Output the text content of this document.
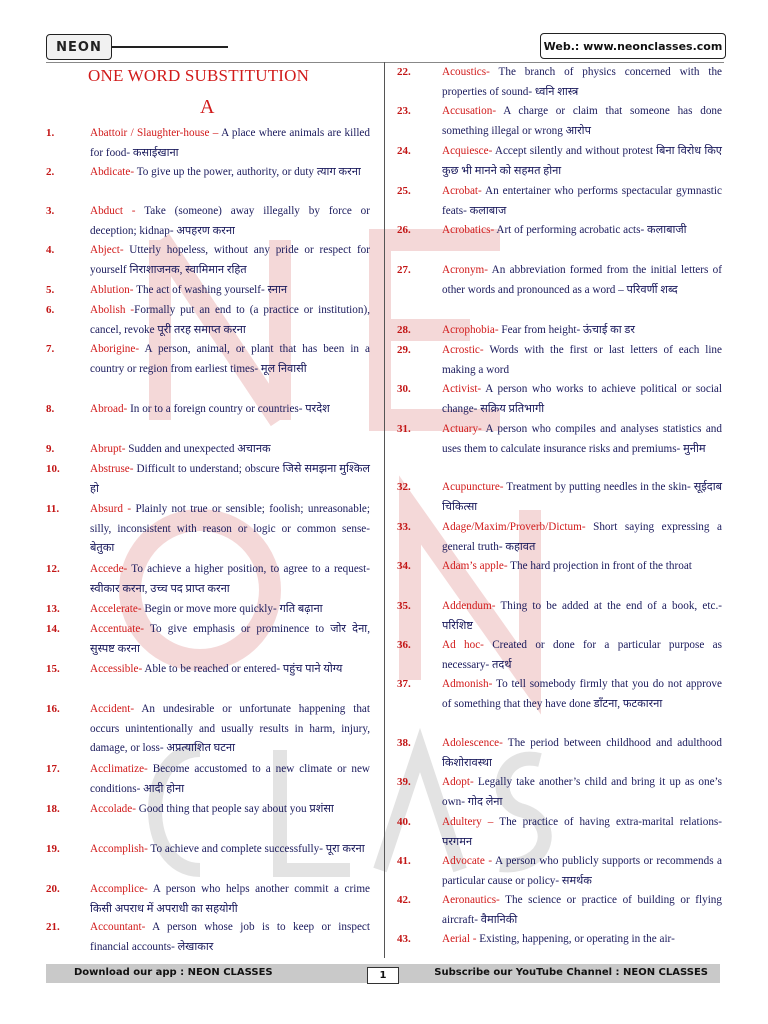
NEON	Web.: www.neonclasses.com
ONE WORD SUBSTITUTION
A
1.	Abattoir / Slaughter-house – A place where animals are killed for food- कसाईखाना
2.	Abdicate- To give up the power, authority, or duty त्याग करना
3.	Abduct - Take (someone) away illegally by force or deception; kidnap- अपहरण करना
4.	Abject- Utterly hopeless, without any pride or respect for yourself निराशाजनक, स्वामिमान रहित
5.	Ablution- The act of washing yourself- स्नान
6.	Abolish -Formally put an end to (a practice or institution), cancel, revoke पूरी तरह समाप्त करना
7.	Aborigine- A person, animal, or plant that has been in a country or region from earliest times- मूल निवासी
8.	Abroad- In or to a foreign country or countries- परदेश
9.	Abrupt- Sudden and unexpected अचानक
10.	Abstruse- Difficult to understand; obscure जिसे समझना मुश्किल हो
11.	Absurd - Plainly not true or sensible; foolish; unreasonable; silly, inconsistent with reason or logic or common sense- बेतुका
12.	Accede- To achieve a higher position, to agree to a request- स्वीकार करना, उच्च पद प्राप्त करना
13.	Accelerate- Begin or move more quickly- गति बढ़ाना
14.	Accentuate- To give emphasis or prominence to जोर देना, सुस्पष्ट करना
15.	Accessible- Able to be reached or entered- पहुंच पाने योग्य
16.	Accident- An undesirable or unfortunate happening that occurs unintentionally and usually results in harm, injury, damage, or loss- अप्रत्याशित घटना
17.	Acclimatize- Become accustomed to a new climate or new conditions- आदी होना
18.	Accolade- Good thing that people say about you प्रशंसा
19.	Accomplish- To achieve and complete successfully- पूरा करना
20.	Accomplice- A person who helps another commit a crime किसी अपराध में अपराधी का सहयोगी
21.	Accountant- A person whose job is to keep or inspect financial accounts- लेखाकार
22.	Acoustics- The branch of physics concerned with the properties of sound- ध्वनि शास्त्र
23.	Accusation- A charge or claim that someone has done something illegal or wrong आरोप
24.	Acquiesce- Accept silently and without protest बिना विरोध किए कुछ भी मानने को सहमत होना
25.	Acrobat- An entertainer who performs spectacular gymnastic feats- कलाबाज
26.	Acrobatics- Art of performing acrobatic acts- कलाबाजी
27.	Acronym- An abbreviation formed from the initial letters of other words and pronounced as a word – परिवर्णी शब्द
28.	Acrophobia- Fear from height- ऊंचाई का डर
29.	Acrostic- Words with the first or last letters of each line making a word
30.	Activist- A person who works to achieve political or social change- सक्रिय प्रतिभागी
31.	Actuary- A person who compiles and analyses statistics and uses them to calculate insurance risks and premiums- मुनीम
32.	Acupuncture- Treatment by putting needles in the skin- सूईदाब चिकित्सा
33.	Adage/Maxim/Proverb/Dictum- Short saying expressing a general truth- कहावत
34.	Adam’s apple- The hard projection in front of the throat
35.	Addendum- Thing to be added at the end of a book, etc.- परिशिष्ट
36.	Ad hoc- Created or done for a particular purpose as necessary- तदर्थ
37.	Admonish- To tell somebody firmly that you do not approve of something that they have done डाँटना, फटकारना
38.	Adolescence- The period between childhood and adulthood किशोरावस्था
39.	Adopt- Legally take another’s child and bring it up as one’s own- गोद लेना
40.	Adultery – The practice of having extra-marital relations- परगमन
41.	Advocate - A person who publicly supports or recommends a particular cause or policy- समर्थक
42.	Aeronautics- The science or practice of building or flying aircraft- वैमानिकी
43.	Aerial - Existing, happening, or operating in the air-
Download our app : NEON CLASSES	1	Subscribe our YouTube Channel : NEON CLASSES
